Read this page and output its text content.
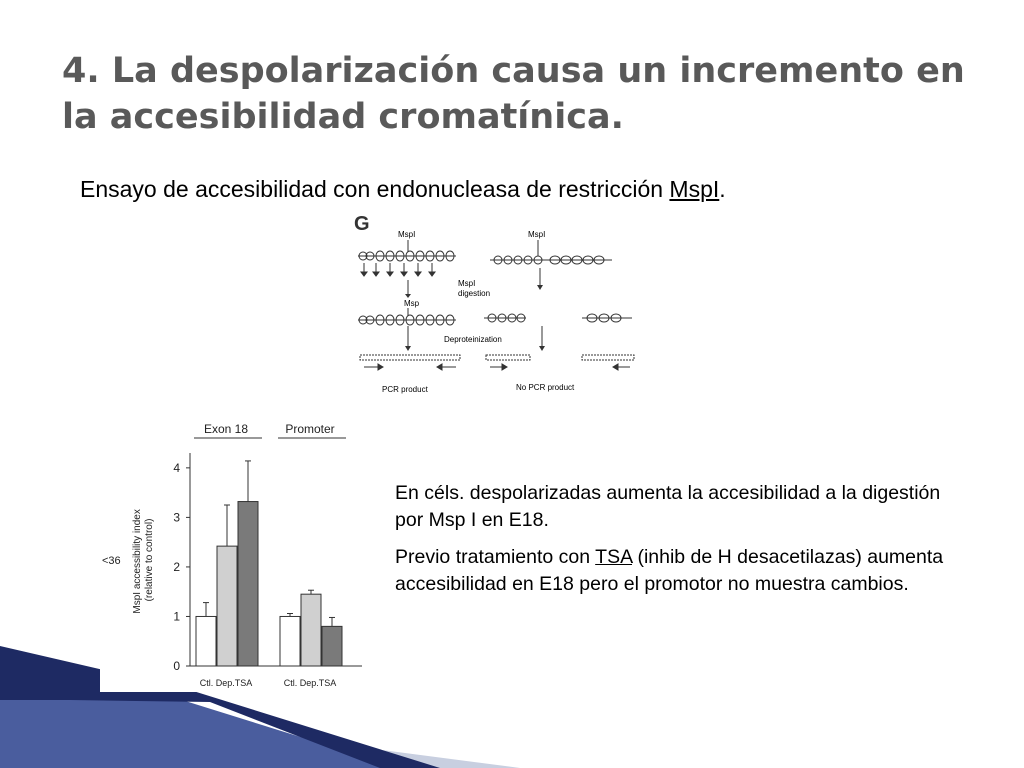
4. La despolarización causa un incremento en la accesibilidad cromatínica.
Ensayo de accesibilidad con endonucleasa de restricción MspI.
G	MspI	MspI
MspI
digestion
Msp
Deproteinization
PCR product	No PCR product
<36 MspI accessibility index (relative to control)
0
1
2
3
4
Exon 18
Ctl. Dep.TSA
Promoter
Ctl. Dep.TSA

En céls. despolarizadas aumenta la accesibilidad a la digestión por Msp I en E18.

Previo tratamiento con TSA (inhib de H desacetilazas) aumenta accesibilidad en E18 pero el promotor no muestra cambios.
